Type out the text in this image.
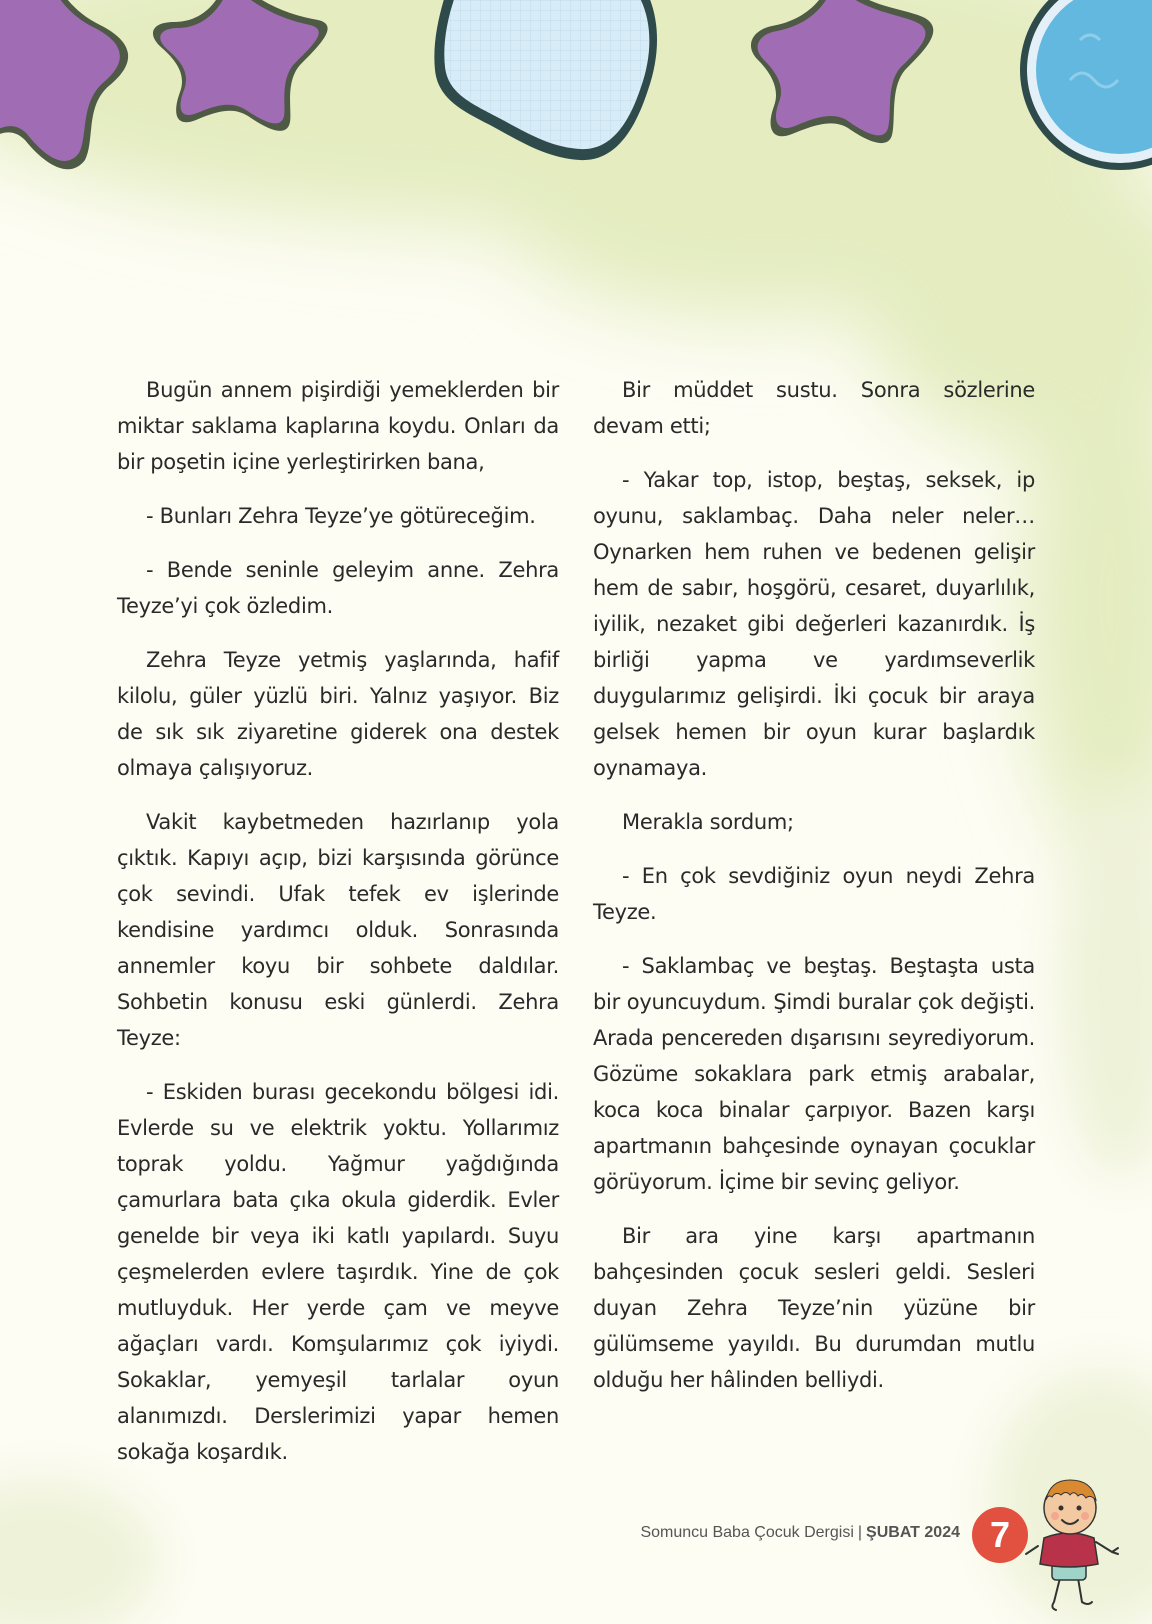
Bugün annem pişirdiği yemeklerden bir miktar saklama kaplarına koydu. Onları da bir poşetin içine yerleştirirken bana,

- Bunları Zehra Teyze’ye götüreceğim.

- Bende seninle geleyim anne. Zehra Teyze’yi çok özledim.

Zehra Teyze yetmiş yaşlarında, hafif kilolu, güler yüzlü biri. Yalnız yaşıyor. Biz de sık sık ziyaretine giderek ona destek olmaya çalışıyoruz.

Vakit kaybetmeden hazırlanıp yola çıktık. Kapıyı açıp, bizi karşısında görünce çok sevindi. Ufak tefek ev işlerinde kendisine yardımcı olduk. Sonrasında annemler koyu bir sohbete daldılar. Sohbetin konusu eski günlerdi. Zehra Teyze:

- Eskiden burası gecekondu bölgesi idi. Evlerde su ve elektrik yoktu. Yollarımız toprak yoldu. Yağmur yağdığında çamurlara bata çıka okula giderdik. Evler genelde bir veya iki katlı yapılardı. Suyu çeşmelerden evlere taşırdık. Yine de çok mutluyduk. Her yerde çam ve meyve ağaçları vardı. Komşularımız çok iyiydi. Sokaklar, yemyeşil tarlalar oyun alanımızdı. Derslerimizi yapar hemen sokağa koşardık.

Bir müddet sustu. Sonra sözlerine devam etti;

- Yakar top, istop, beştaş, seksek, ip oyunu, saklambaç. Daha neler neler… Oynarken hem ruhen ve bedenen gelişir hem de sabır, hoşgörü, cesaret, duyarlılık, iyilik, nezaket gibi değerleri kazanırdık. İş birliği yapma ve yardımseverlik duygularımız gelişirdi. İki çocuk bir araya gelsek hemen bir oyun kurar başlardık oynamaya.

Merakla sordum;

- En çok sevdiğiniz oyun neydi Zehra Teyze.

- Saklambaç ve beştaş. Beştaşta usta bir oyuncuydum. Şimdi buralar çok değişti. Arada pencereden dışarısını seyrediyorum. Gözüme sokaklara park etmiş arabalar, koca koca binalar çarpıyor. Bazen karşı apartmanın bahçesinde oynayan çocuklar görüyorum. İçime bir sevinç geliyor.

Bir ara yine karşı apartmanın bahçesinden çocuk sesleri geldi. Sesleri duyan Zehra Teyze’nin yüzüne bir gülümseme yayıldı. Bu durumdan mutlu olduğu her hâlinden belliydi.

Somuncu Baba Çocuk Dergisi | ŞUBAT 2024 7
